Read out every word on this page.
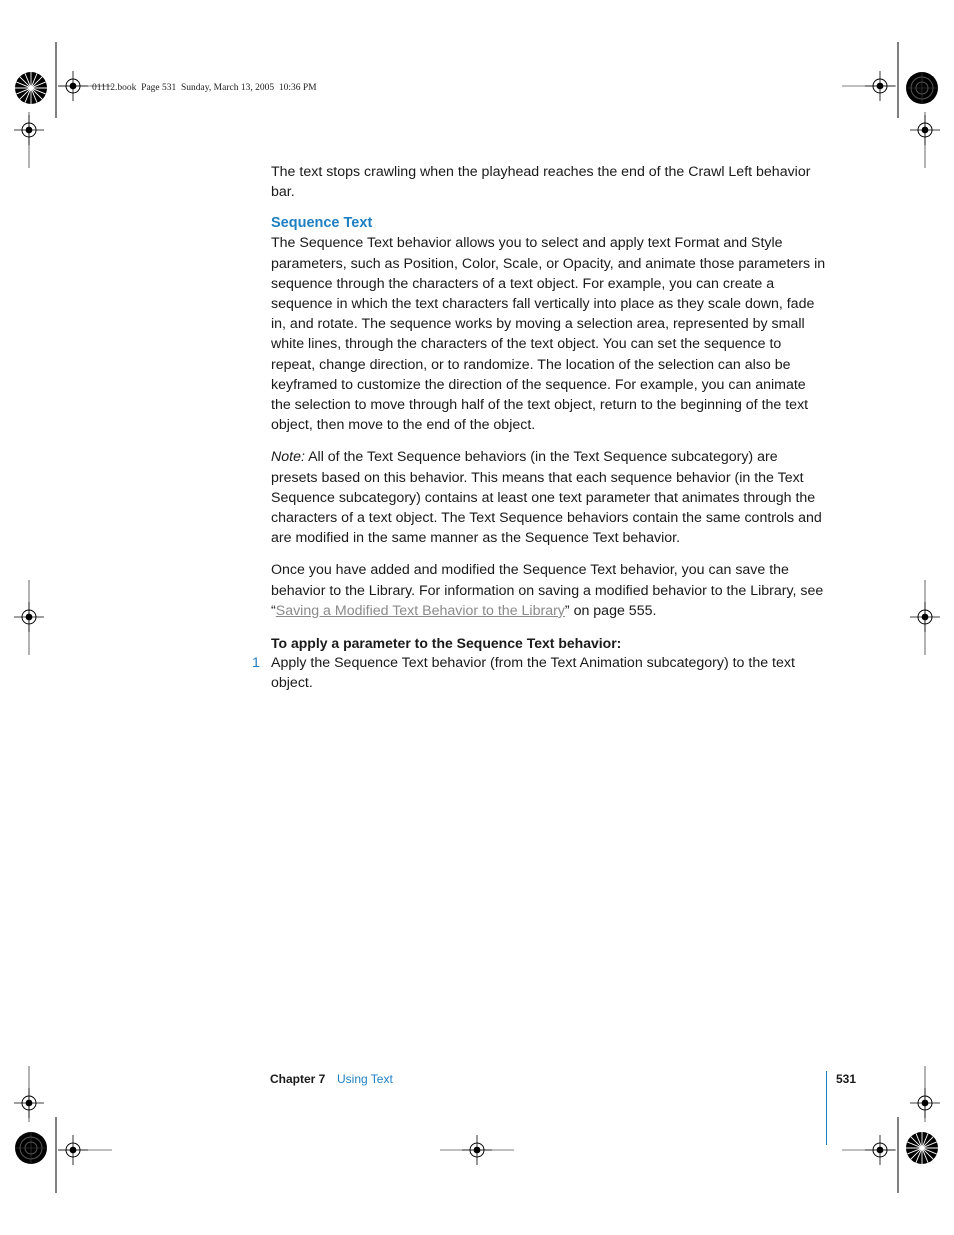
01112.book  Page 531  Sunday, March 13, 2005  10:36 PM

The text stops crawling when the playhead reaches the end of the Crawl Left behavior bar.

Sequence Text

The Sequence Text behavior allows you to select and apply text Format and Style parameters, such as Position, Color, Scale, or Opacity, and animate those parameters in sequence through the characters of a text object. For example, you can create a sequence in which the text characters fall vertically into place as they scale down, fade in, and rotate. The sequence works by moving a selection area, represented by small white lines, through the characters of the text object. You can set the sequence to repeat, change direction, or to randomize. The location of the selection can also be keyframed to customize the direction of the sequence. For example, you can animate the selection to move through half of the text object, return to the beginning of the text object, then move to the end of the object.

Note: All of the Text Sequence behaviors (in the Text Sequence subcategory) are presets based on this behavior. This means that each sequence behavior (in the Text Sequence subcategory) contains at least one text parameter that animates through the characters of a text object. The Text Sequence behaviors contain the same controls and are modified in the same manner as the Sequence Text behavior.

Once you have added and modified the Sequence Text behavior, you can save the behavior to the Library. For information on saving a modified behavior to the Library, see “Saving a Modified Text Behavior to the Library” on page 555.

To apply a parameter to the Sequence Text behavior:

1 Apply the Sequence Text behavior (from the Text Animation subcategory) to the text object.
Chapter 7 Using Text	531
